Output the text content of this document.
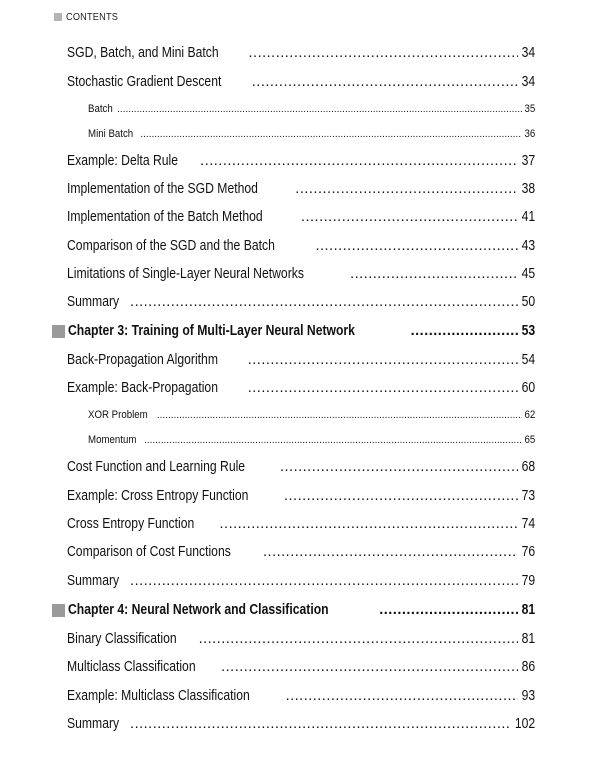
CONTENTS
SGD, Batch, and Mini Batch .....	34
Stochastic Gradient Descent .....	34
Batch .....	35
Mini Batch .....	36
Example: Delta Rule .....	37
Implementation of the SGD Method .....	38
Implementation of the Batch Method .....	41
Comparison of the SGD and the Batch .....	43
Limitations of Single-Layer Neural Networks .....	45
Summary .....	50
Chapter 3: Training of Multi-Layer Neural Network .....	53
Back-Propagation Algorithm .....	54
Example: Back-Propagation .....	60
XOR Problem .....	62
Momentum .....	65
Cost Function and Learning Rule .....	68
Example: Cross Entropy Function .....	73
Cross Entropy Function .....	74
Comparison of Cost Functions .....	76
Summary .....	79
Chapter 4: Neural Network and Classification .....	81
Binary Classification .....	81
Multiclass Classification .....	86
Example: Multiclass Classification .....	93
Summary .....	102
